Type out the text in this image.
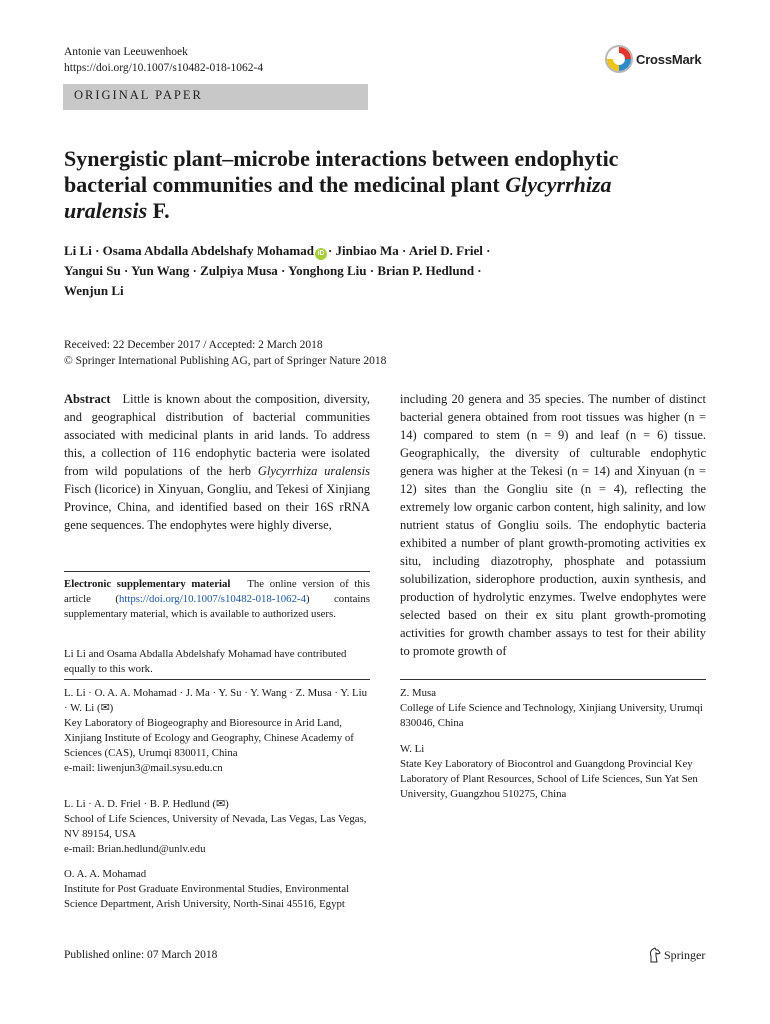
Antonie van Leeuwenhoek
https://doi.org/10.1007/s10482-018-1062-4
CrossMark
ORIGINAL PAPER
Synergistic plant–microbe interactions between endophytic bacterial communities and the medicinal plant Glycyrrhiza uralensis F.
Li Li · Osama Abdalla Abdelshafy Mohamad iD · Jinbiao Ma · Ariel D. Friel ·
Yangui Su · Yun Wang · Zulpiya Musa · Yonghong Liu · Brian P. Hedlund ·
Wenjun Li
Received: 22 December 2017 / Accepted: 2 March 2018
© Springer International Publishing AG, part of Springer Nature 2018
Abstract Little is known about the composition, diversity, and geographical distribution of bacterial communities associated with medicinal plants in arid lands. To address this, a collection of 116 endophytic bacteria were isolated from wild populations of the herb Glycyrrhiza uralensis Fisch (licorice) in Xinyuan, Gongliu, and Tekesi of Xinjiang Province, China, and identified based on their 16S rRNA gene sequences. The endophytes were highly diverse,
including 20 genera and 35 species. The number of distinct bacterial genera obtained from root tissues was higher (n = 14) compared to stem (n = 9) and leaf (n = 6) tissue. Geographically, the diversity of culturable endophytic genera was higher at the Tekesi (n = 14) and Xinyuan (n = 12) sites than the Gongliu site (n = 4), reflecting the extremely low organic carbon content, high salinity, and low nutrient status of Gongliu soils. The endophytic bacteria exhibited a number of plant growth-promoting activities ex situ, including diazotrophy, phosphate and potassium solubilization, siderophore production, auxin synthesis, and production of hydrolytic enzymes. Twelve endophytes were selected based on their ex situ plant growth-promoting activities for growth chamber assays to test for their ability to promote growth of
Electronic supplementary material The online version of this article (https://doi.org/10.1007/s10482-018-1062-4) contains supplementary material, which is available to authorized users.
Li Li and Osama Abdalla Abdelshafy Mohamad have contributed equally to this work.
L. Li · O. A. A. Mohamad · J. Ma · Y. Su · Y. Wang · Z. Musa · Y. Liu · W. Li (✉)
Key Laboratory of Biogeography and Bioresource in Arid Land, Xinjiang Institute of Ecology and Geography, Chinese Academy of Sciences (CAS), Urumqi 830011, China
e-mail: liwenjun3@mail.sysu.edu.cn
L. Li · A. D. Friel · B. P. Hedlund (✉)
School of Life Sciences, University of Nevada, Las Vegas, Las Vegas, NV 89154, USA
e-mail: Brian.hedlund@unlv.edu
O. A. A. Mohamad
Institute for Post Graduate Environmental Studies, Environmental Science Department, Arish University, North-Sinai 45516, Egypt
Z. Musa
College of Life Science and Technology, Xinjiang University, Urumqi 830046, China
W. Li
State Key Laboratory of Biocontrol and Guangdong Provincial Key Laboratory of Plant Resources, School of Life Sciences, Sun Yat Sen University, Guangzhou 510275, China
Published online: 07 March 2018	Springer
